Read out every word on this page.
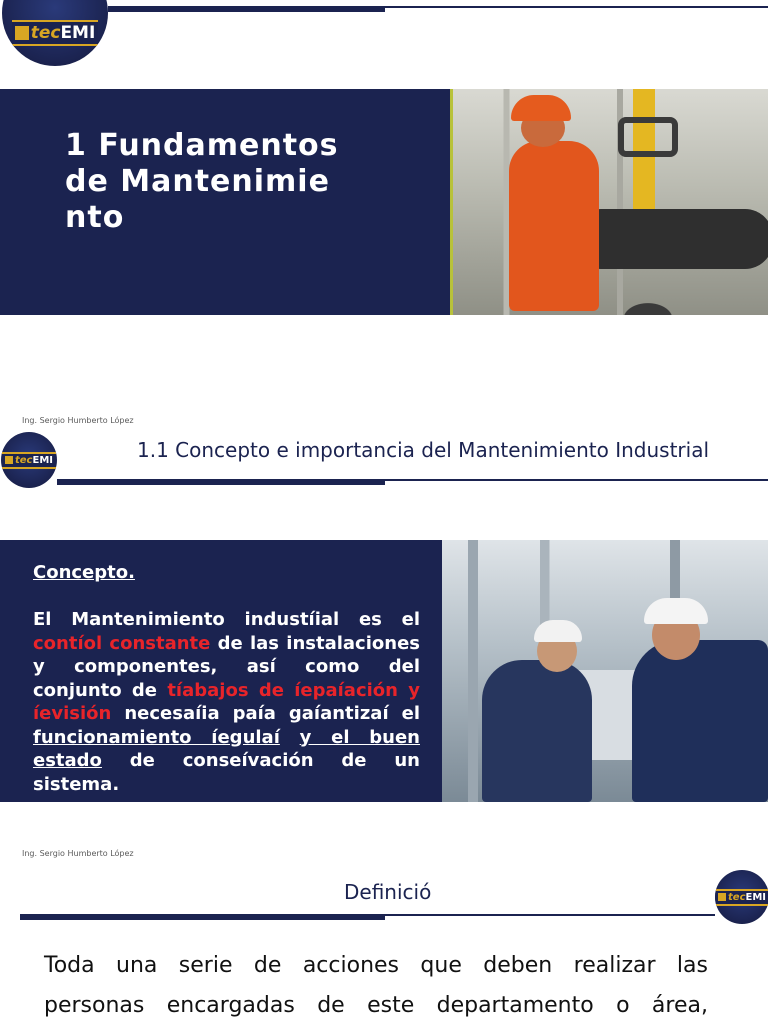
tec EMI
1 Fundamentos de Mantenimiento
Ing. Sergio Humberto López
tec EMI	1.1 Concepto e importancia del Mantenimiento Industrial
Concepto.
El Mantenimiento industíial es el contíol constante de las instalaciones y componentes, así como del conjunto de tíabajos de íepaíación y íevisión necesaíia paía gaíantizaí el funcionamiento íegulaí y el buen estado de conseívación de un sistema.
Ing. Sergio Humberto López
Definició	tec EMI
Toda una serie de acciones que deben realizar las
personas encargadas de este departamento o área,
